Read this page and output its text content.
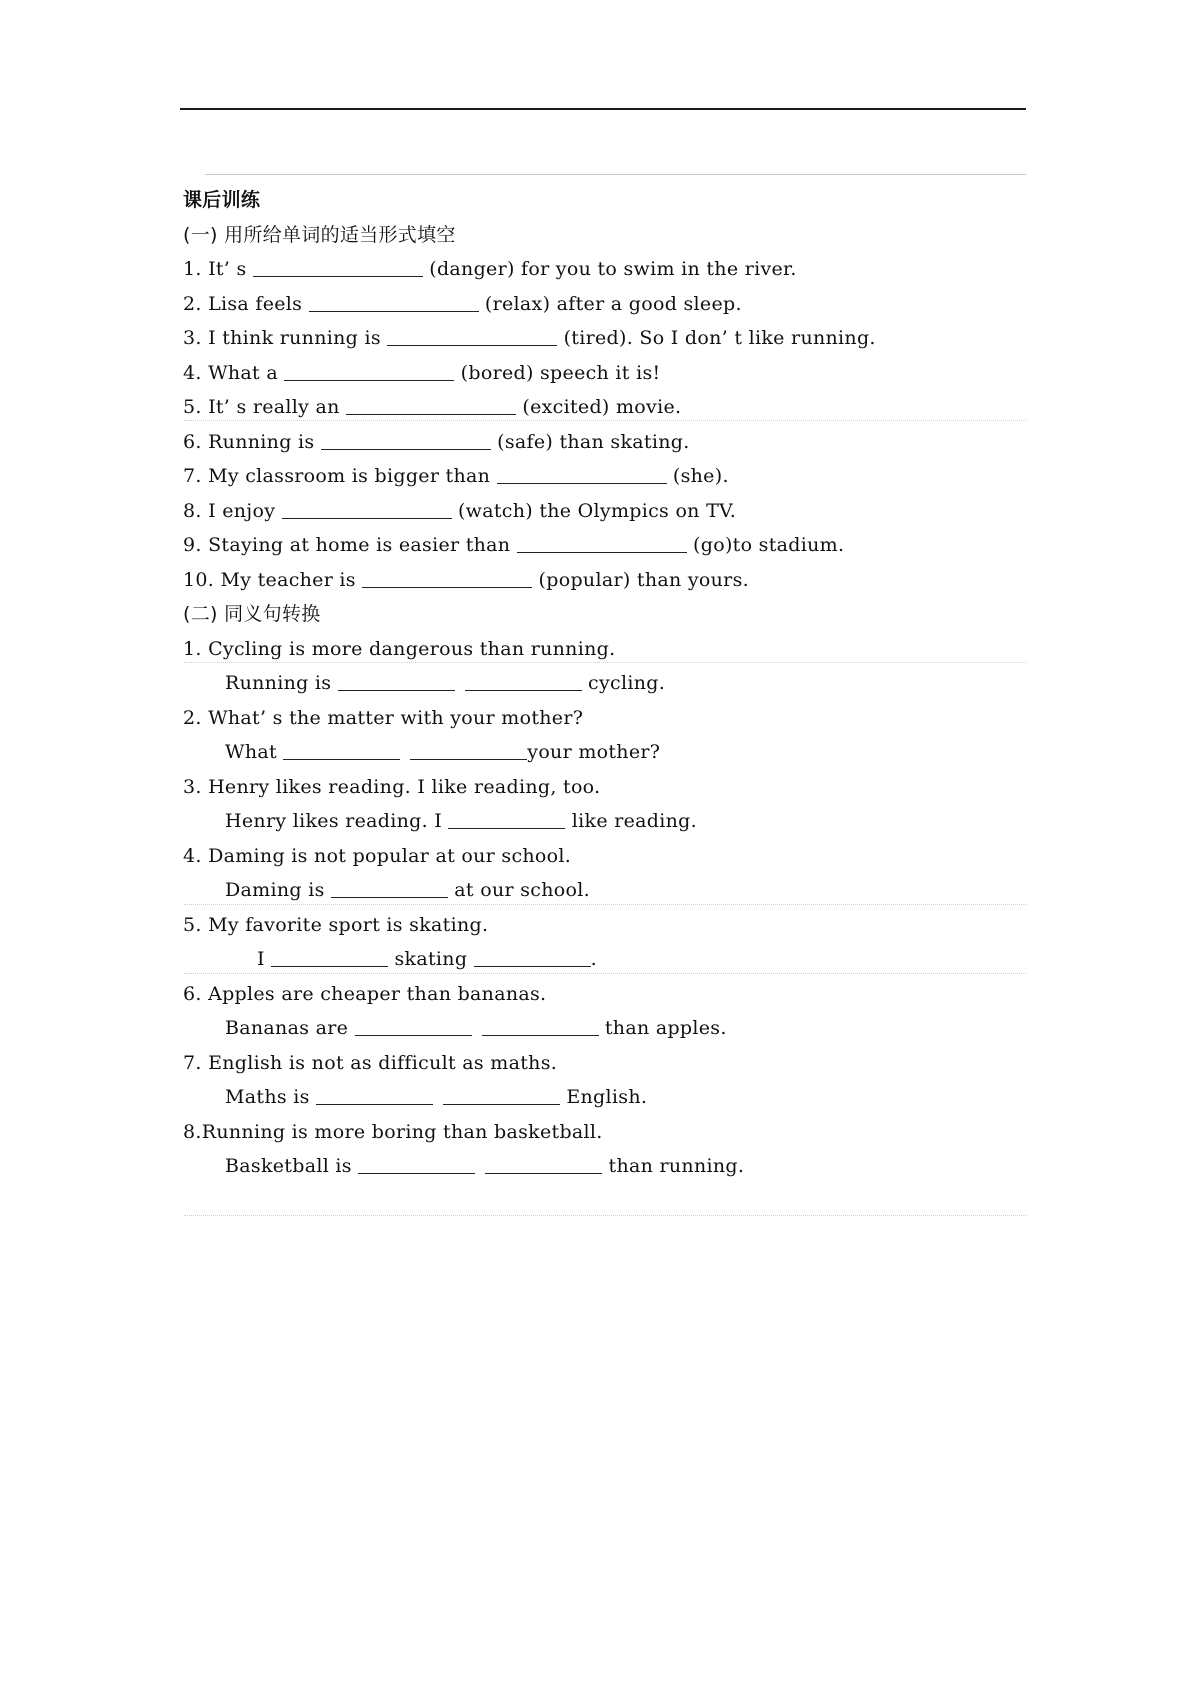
课后训练
(一) 用所给单词的适当形式填空
1. It’ s	(danger) for you to swim in the river.
2. Lisa feels	(relax) after a good sleep.
3. I think running is	(tired). So I don’ t like running.
4. What a	(bored) speech it is!
5. It’ s really an	(excited) movie.
6. Running is	(safe) than skating.
7. My classroom is bigger than	(she).
8. I enjoy	(watch) the Olympics on TV.
9. Staying at home is easier than	(go)to stadium.
10. My teacher is	(popular) than yours.
(二) 同义句转换
1. Cycling is more dangerous than running.
Running is	cycling.
2. What’ s the matter with your mother?
What	your mother?
3. Henry likes reading. I like reading, too.
Henry likes reading. I	like reading.
4. Daming is not popular at our school.
Daming is	at our school.
5. My favorite sport is skating.
I	skating	.
6. Apples are cheaper than bananas.
Bananas are	than apples.
7. English is not as difficult as maths.
Maths is	English.
8.Running is more boring than basketball.
Basketball is	than running.
